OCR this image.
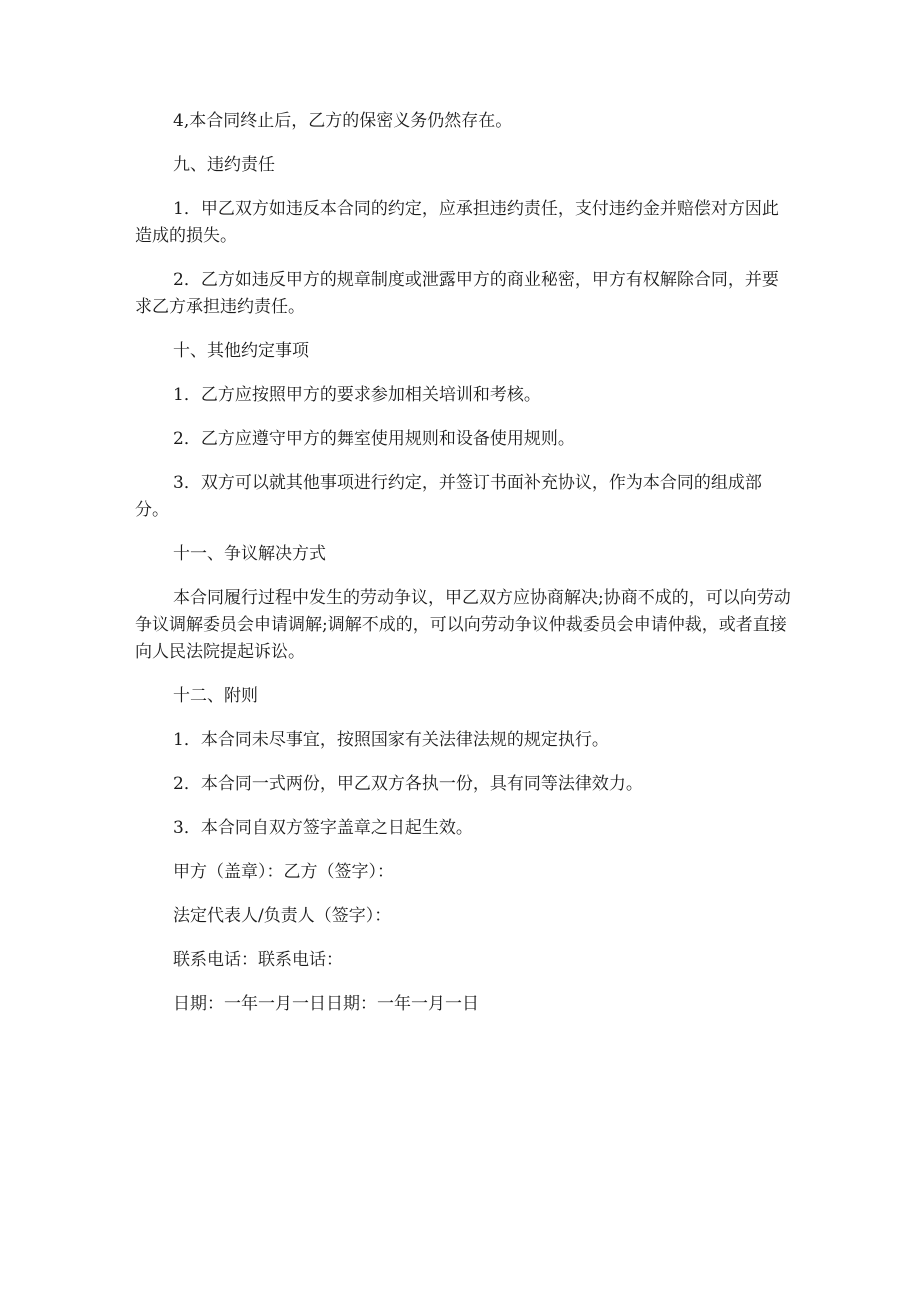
4,本合同终止后，乙方的保密义务仍然存在。

九、违约责任

1．甲乙双方如违反本合同的约定，应承担违约责任，支付违约金并赔偿对方因此造成的损失。

2．乙方如违反甲方的规章制度或泄露甲方的商业秘密，甲方有权解除合同，并要求乙方承担违约责任。

十、其他约定事项

1．乙方应按照甲方的要求参加相关培训和考核。

2．乙方应遵守甲方的舞室使用规则和设备使用规则。

3．双方可以就其他事项进行约定，并签订书面补充协议，作为本合同的组成部分。

十一、争议解决方式

本合同履行过程中发生的劳动争议，甲乙双方应协商解决;协商不成的，可以向劳动争议调解委员会申请调解;调解不成的，可以向劳动争议仲裁委员会申请仲裁，或者直接向人民法院提起诉讼。

十二、附则

1．本合同未尽事宜，按照国家有关法律法规的规定执行。

2．本合同一式两份，甲乙双方各执一份，具有同等法律效力。

3．本合同自双方签字盖章之日起生效。

甲方（盖章）：乙方（签字）：

法定代表人/负责人（签字）：

联系电话：联系电话：

日期：一年一月一日日期：一年一月一日
